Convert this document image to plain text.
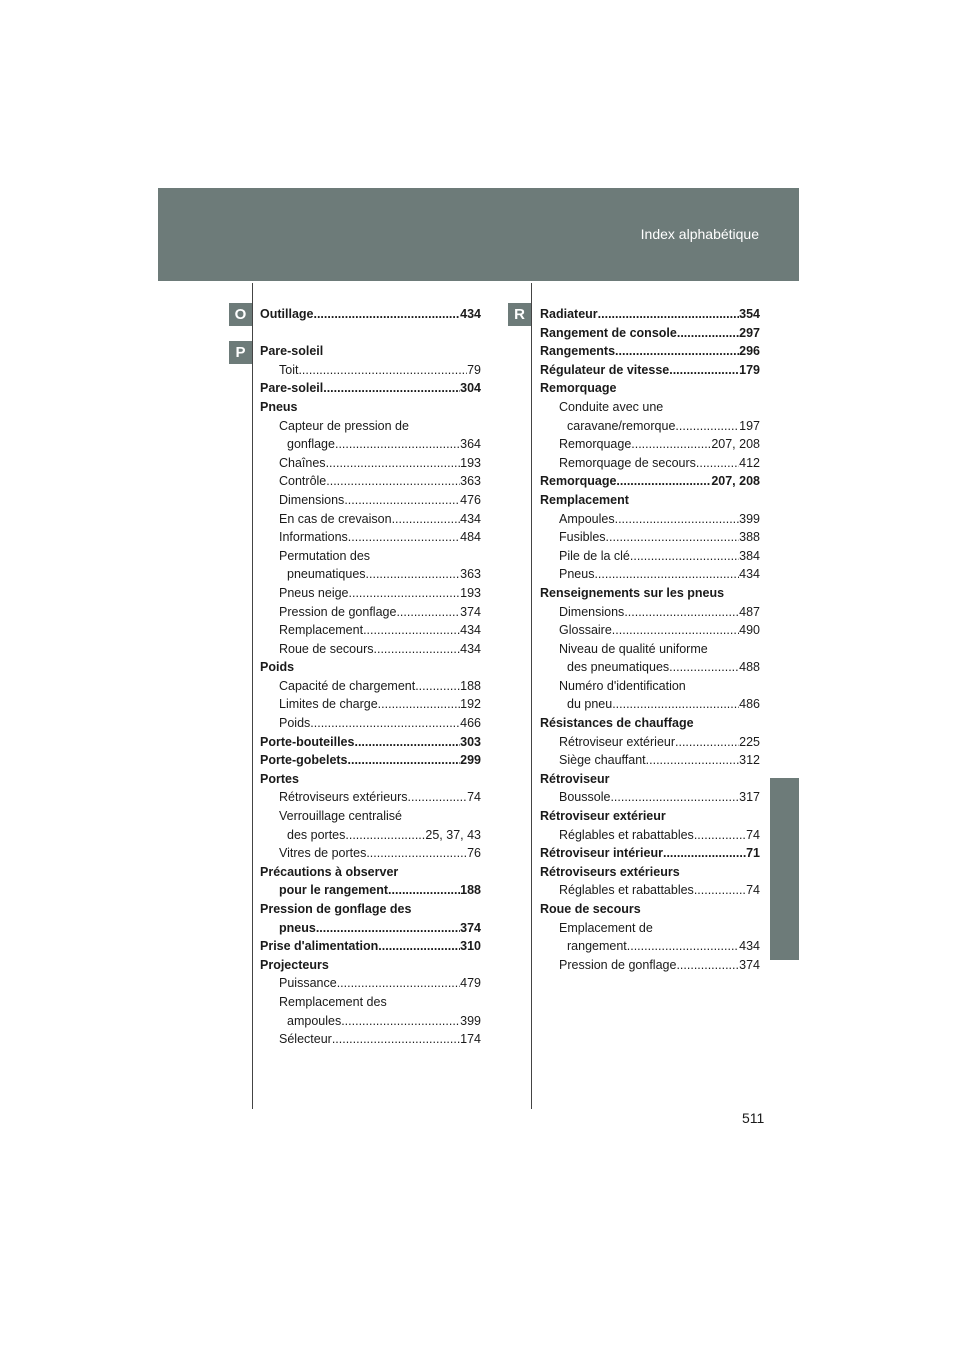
Index alphabétique
O
P
R
Outillage .....	434
Pare-soleil
Toit .....	79
Pare-soleil .....	304
Pneus
Capteur de pression de
gonflage .....	364
Chaînes .....	193
Contrôle .....	363
Dimensions .....	476
En cas de crevaison .....	434
Informations .....	484
Permutation des
pneumatiques .....	363
Pneus neige .....	193
Pression de gonflage .....	374
Remplacement .....	434
Roue de secours .....	434
Poids
Capacité de chargement .....	188
Limites de charge .....	192
Poids .....	466
Porte-bouteilles .....	303
Porte-gobelets .....	299
Portes
Rétroviseurs extérieurs .....	74
Verrouillage centralisé
des portes .....	25, 37, 43
Vitres de portes .....	76
Précautions à observer
pour le rangement .....	188
Pression de gonflage des
pneus .....	374
Prise d'alimentation .....	310
Projecteurs
Puissance .....	479
Remplacement des
ampoules .....	399
Sélecteur .....	174
Radiateur .....	354
Rangement de console .....	297
Rangements .....	296
Régulateur de vitesse .....	179
Remorquage
Conduite avec une
caravane/remorque .....	197
Remorquage .....	207, 208
Remorquage de secours .....	412
Remorquage .....	207, 208
Remplacement
Ampoules .....	399
Fusibles .....	388
Pile de la clé .....	384
Pneus .....	434
Renseignements sur les pneus
Dimensions .....	487
Glossaire .....	490
Niveau de qualité uniforme
des pneumatiques .....	488
Numéro d'identification
du pneu .....	486
Résistances de chauffage
Rétroviseur extérieur .....	225
Siège chauffant .....	312
Rétroviseur
Boussole .....	317
Rétroviseur extérieur
Réglables et rabattables .....	74
Rétroviseur intérieur .....	71
Rétroviseurs extérieurs
Réglables et rabattables .....	74
Roue de secours
Emplacement de
rangement .....	434
Pression de gonflage .....	374
511
